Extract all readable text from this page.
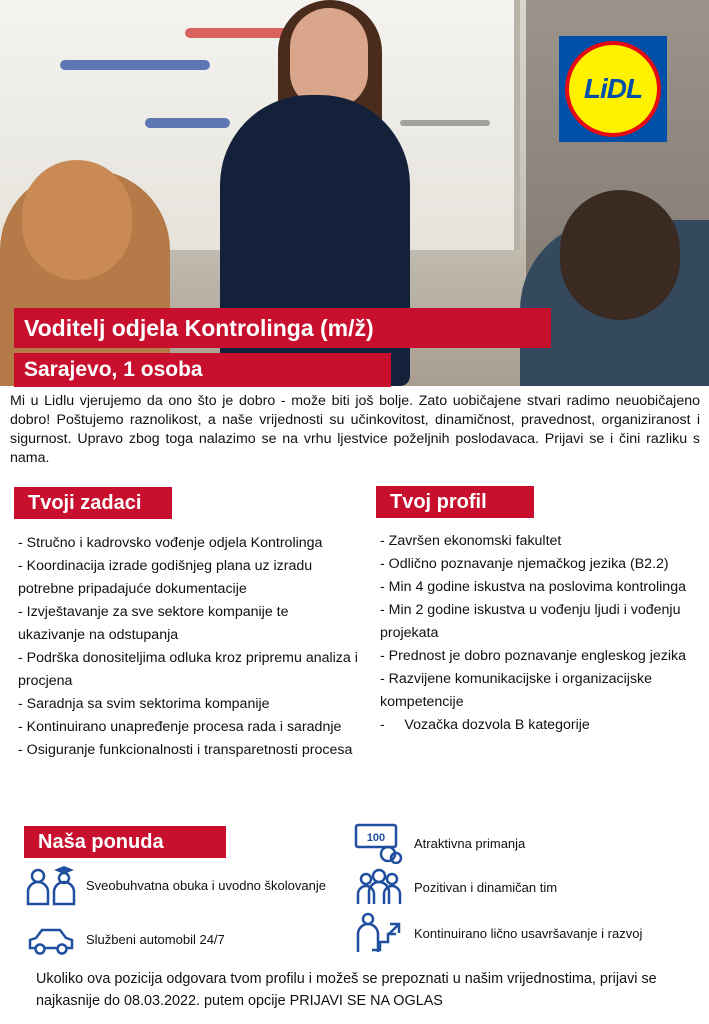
LiDL
Voditelj odjela Kontrolinga (m/ž)
Sarajevo, 1 osoba

Mi u Lidlu vjerujemo da ono što je dobro - može biti još bolje. Zato uobičajene stvari radimo neuobičajeno dobro! Poštujemo raznolikost, a naše vrijednosti su učinkovitost, dinamičnost, pravednost, organiziranost i sigurnost. Upravo zbog toga nalazimo se na vrhu ljestvice poželjnih poslodavaca. Prijavi se i čini razliku s nama.

Tvoji zadaci
- Stručno i kadrovsko vođenje odjela Kontrolinga
- Koordinacija izrade godišnjeg plana uz izradu potrebne pripadajuće dokumentacije
- Izvještavanje za sve sektore kompanije te ukazivanje na odstupanja
- Podrška donositeljima odluka kroz pripremu analiza i procjena
- Saradnja sa svim sektorima kompanije
- Kontinuirano unapređenje procesa rada i saradnje
- Osiguranje funkcionalnosti i transparetnosti procesa
Tvoj profil
- Završen ekonomski fakultet
- Odlično poznavanje njemačkog jezika (B2.2)
- Min 4 godine iskustva na poslovima kontrolinga
- Min 2 godine iskustva u vođenju ljudi i vođenju projekata
- Prednost je dobro poznavanje engleskog jezika
- Razvijene komunikacijske i organizacijske kompetencije
-     Vozačka dozvola B kategorije
Naša ponuda	100 Atraktivna primanja
Pozitivan i dinamičan tim
Kontinuirano lično usavršavanje i razvoj
Sveobuhvatna obuka i uvodno školovanje
Službeni automobil 24/7

Ukoliko ova pozicija odgovara tvom profilu i možeš se prepoznati u našim vrijednostima, prijavi se najkasnije do 08.03.2022. putem opcije PRIJAVI SE NA OGLAS
